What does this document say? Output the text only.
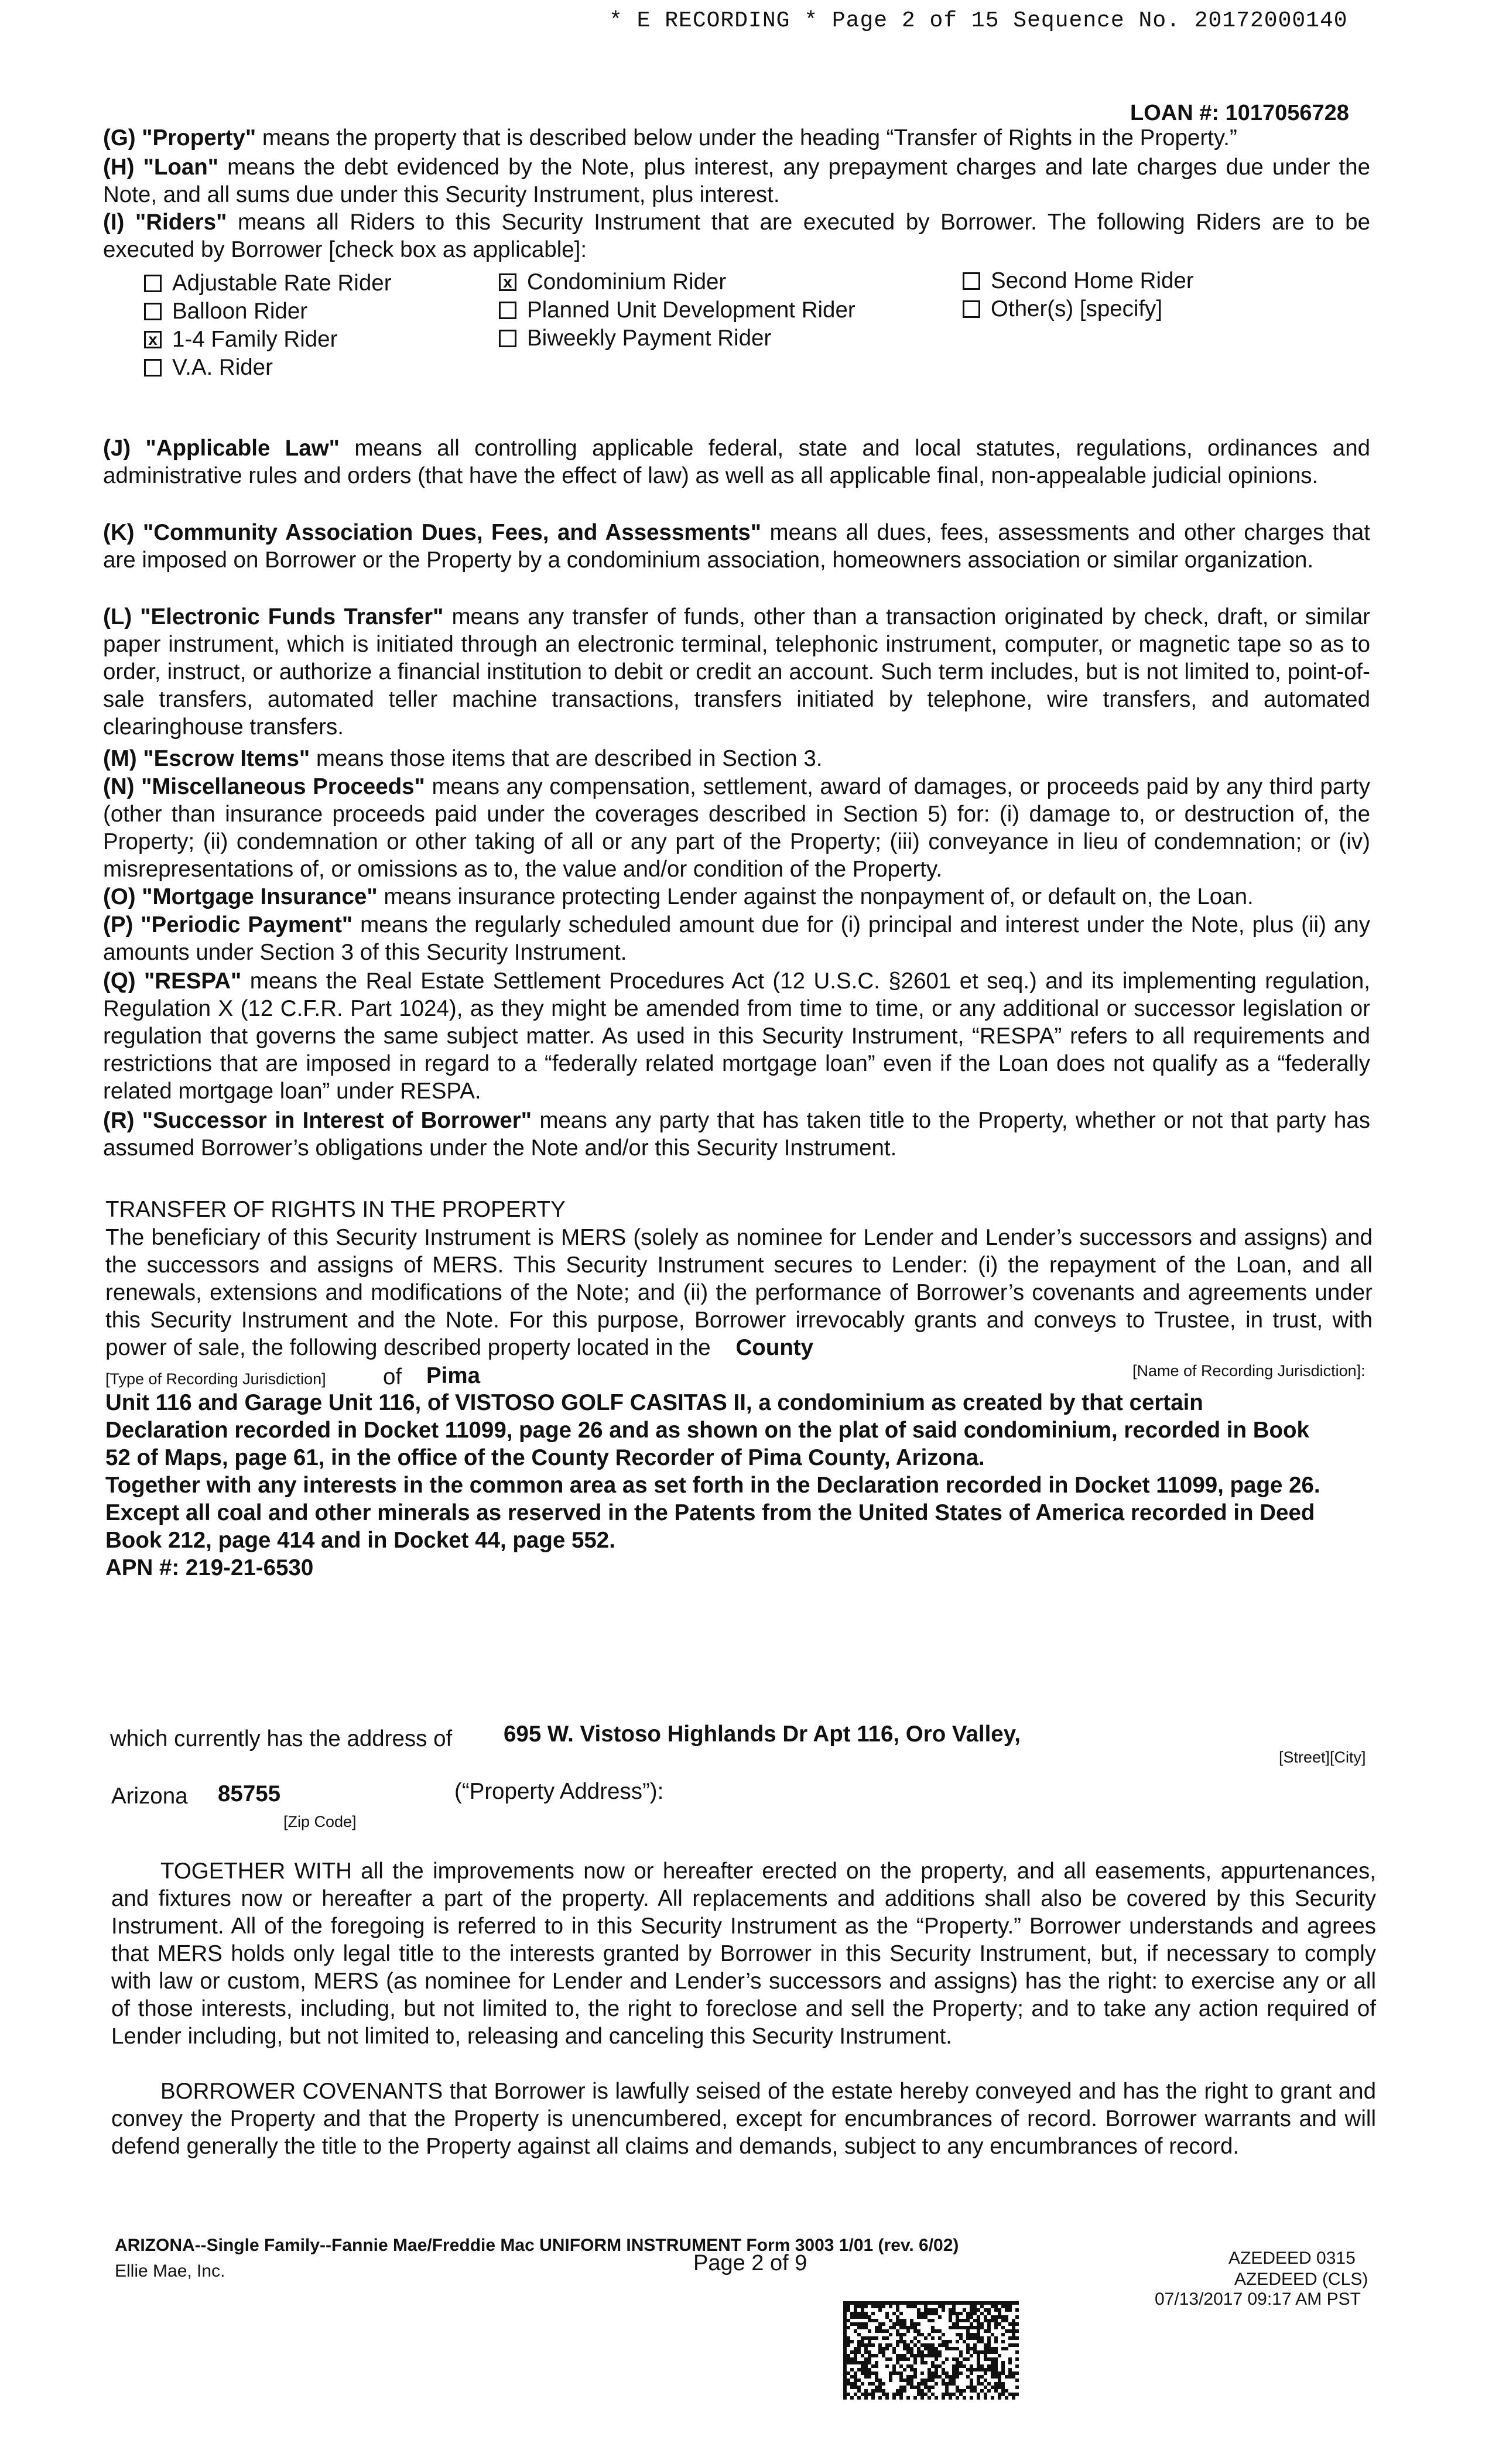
* E RECORDING * Page 2 of 15 Sequence No. 20172000140
LOAN #: 1017056728
(G) "Property" means the property that is described below under the heading “Transfer of Rights in the Property.”
(H) "Loan" means the debt evidenced by the Note, plus interest, any prepayment charges and late charges due under the Note, and all sums due under this Security Instrument, plus interest.
(I) "Riders" means all Riders to this Security Instrument that are executed by Borrower. The following Riders are to be executed by Borrower [check box as applicable]:
Adjustable Rate Rider
Balloon Rider
x 1-4 Family Rider
V.A. Rider
x Condominium Rider
Planned Unit Development Rider
Biweekly Payment Rider
Second Home Rider
Other(s) [specify]
(J) "Applicable Law" means all controlling applicable federal, state and local statutes, regulations, ordinances and administrative rules and orders (that have the effect of law) as well as all applicable final, non-appealable judicial opinions.
(K) "Community Association Dues, Fees, and Assessments" means all dues, fees, assessments and other charges that are imposed on Borrower or the Property by a condominium association, homeowners association or similar organization.
(L) "Electronic Funds Transfer" means any transfer of funds, other than a transaction originated by check, draft, or similar paper instrument, which is initiated through an electronic terminal, telephonic instrument, computer, or magnetic tape so as to order, instruct, or authorize a financial institution to debit or credit an account. Such term includes, but is not limited to, point-of-sale transfers, automated teller machine transactions, transfers initiated by telephone, wire transfers, and automated clearinghouse transfers.
(M) "Escrow Items" means those items that are described in Section 3.
(N) "Miscellaneous Proceeds" means any compensation, settlement, award of damages, or proceeds paid by any third party (other than insurance proceeds paid under the coverages described in Section 5) for: (i) damage to, or destruction of, the Property; (ii) condemnation or other taking of all or any part of the Property; (iii) conveyance in lieu of condemnation; or (iv) misrepresentations of, or omissions as to, the value and/or condition of the Property.
(O) "Mortgage Insurance" means insurance protecting Lender against the nonpayment of, or default on, the Loan.
(P) "Periodic Payment" means the regularly scheduled amount due for (i) principal and interest under the Note, plus (ii) any amounts under Section 3 of this Security Instrument.
(Q) "RESPA" means the Real Estate Settlement Procedures Act (12 U.S.C. §2601 et seq.) and its implementing regulation, Regulation X (12 C.F.R. Part 1024), as they might be amended from time to time, or any additional or successor legislation or regulation that governs the same subject matter. As used in this Security Instrument, “RESPA” refers to all requirements and restrictions that are imposed in regard to a “federally related mortgage loan” even if the Loan does not qualify as a “federally related mortgage loan” under RESPA.
(R) "Successor in Interest of Borrower" means any party that has taken title to the Property, whether or not that party has assumed Borrower’s obligations under the Note and/or this Security Instrument.
TRANSFER OF RIGHTS IN THE PROPERTY
The beneficiary of this Security Instrument is MERS (solely as nominee for Lender and Lender’s successors and assigns) and the successors and assigns of MERS. This Security Instrument secures to Lender: (i) the repayment of the Loan, and all renewals, extensions and modifications of the Note; and (ii) the performance of Borrower’s covenants and agreements under this Security Instrument and the Note. For this purpose, Borrower irrevocably grants and conveys to Trustee, in trust, with power of sale, the following described property located in the County
[Type of Recording Jurisdiction]	of Pima	[Name of Recording Jurisdiction]:
Unit 116 and Garage Unit 116, of VISTOSO GOLF CASITAS II, a condominium as created by that certain Declaration recorded in Docket 11099, page 26 and as shown on the plat of said condominium, recorded in Book 52 of Maps, page 61, in the office of the County Recorder of Pima County, Arizona.
Together with any interests in the common area as set forth in the Declaration recorded in Docket 11099, page 26.
Except all coal and other minerals as reserved in the Patents from the United States of America recorded in Deed Book 212, page 414 and in Docket 44, page 552.
APN #: 219-21-6530
which currently has the address of 695 W. Vistoso Highlands Dr Apt 116, Oro Valley,
[Street][City]
Arizona 85755
[Zip Code]
(“Property Address”):
TOGETHER WITH all the improvements now or hereafter erected on the property, and all easements, appurtenances, and fixtures now or hereafter a part of the property. All replacements and additions shall also be covered by this Security Instrument. All of the foregoing is referred to in this Security Instrument as the “Property.” Borrower understands and agrees that MERS holds only legal title to the interests granted by Borrower in this Security Instrument, but, if necessary to comply with law or custom, MERS (as nominee for Lender and Lender’s successors and assigns) has the right: to exercise any or all of those interests, including, but not limited to, the right to foreclose and sell the Property; and to take any action required of Lender including, but not limited to, releasing and canceling this Security Instrument.
BORROWER COVENANTS that Borrower is lawfully seised of the estate hereby conveyed and has the right to grant and convey the Property and that the Property is unencumbered, except for encumbrances of record. Borrower warrants and will defend generally the title to the Property against all claims and demands, subject to any encumbrances of record.
ARIZONA--Single Family--Fannie Mae/Freddie Mac UNIFORM INSTRUMENT Form 3003 1/01 (rev. 6/02)
Ellie Mae, Inc.	Page 2 of 9	AZEDEED 0315
AZEDEED (CLS)
07/13/2017 09:17 AM PST
